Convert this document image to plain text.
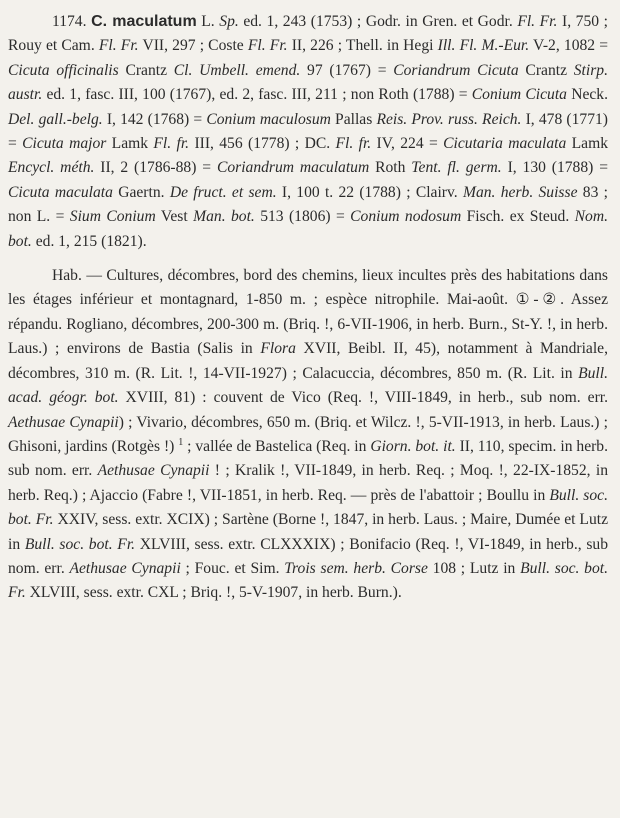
1174. C. maculatum L. Sp. ed. 1, 243 (1753) ; Godr. in Gren. et Godr. Fl. Fr. I, 750 ; Rouy et Cam. Fl. Fr. VII, 297 ; Coste Fl. Fr. II, 226 ; Thell. in Hegi Ill. Fl. M.-Eur. V-2, 1082 = Cicuta officinalis Crantz Cl. Umbell. emend. 97 (1767) = Coriandrum Cicuta Crantz Stirp. austr. ed. 1, fasc. III, 100 (1767), ed. 2, fasc. III, 211 ; non Roth (1788) = Conium Cicuta Neck. Del. gall.-belg. I, 142 (1768) = Conium maculosum Pallas Reis. Prov. russ. Reich. I, 478 (1771) = Cicuta major Lamk Fl. fr. III, 456 (1778) ; DC. Fl. fr. IV, 224 = Cicutaria maculata Lamk Encycl. méth. II, 2 (1786-88) = Coriandrum maculatum Roth Tent. fl. germ. I, 130 (1788) = Cicuta maculata Gaertn. De fruct. et sem. I, 100 t. 22 (1788) ; Clairv. Man. herb. Suisse 83 ; non L. = Sium Conium Vest Man. bot. 513 (1806) = Conium nodosum Fisch. ex Steud. Nom. bot. ed. 1, 215 (1821).

Hab. — Cultures, décombres, bord des chemins, lieux incultes près des habitations dans les étages inférieur et montagnard, 1-850 m. ; espèce nitrophile. Mai-août. ①-②. Assez répandu. Rogliano, décombres, 200-300 m. (Briq. !, 6-VII-1906, in herb. Burn., St-Y. !, in herb. Laus.) ; environs de Bastia (Salis in Flora XVII, Beibl. II, 45), notamment à Mandriale, décombres, 310 m. (R. Lit. !, 14-VII-1927) ; Calacuccia, décombres, 850 m. (R. Lit. in Bull. acad. géogr. bot. XVIII, 81) : couvent de Vico (Req. !, VIII-1849, in herb., sub nom. err. Aethusae Cynapii) ; Vivario, décombres, 650 m. (Briq. et Wilcz. !, 5-VII-1913, in herb. Laus.) ; Ghisoni, jardins (Rotgès !) $^1$ ; vallée de Bastelica (Req. in Giorn. bot. it. II, 110, specim. in herb. sub nom. err. Aethusae Cynapii ! ; Kralik !, VII-1849, in herb. Req. ; Moq. !, 22-IX-1852, in herb. Req.) ; Ajaccio (Fabre !, VII-1851, in herb. Req. — près de l'abattoir ; Boullu in Bull. soc. bot. Fr. XXIV, sess. extr. XCIX) ; Sartène (Borne !, 1847, in herb. Laus. ; Maire, Dumée et Lutz in Bull. soc. bot. Fr. XLVIII, sess. extr. CLXXXIX) ; Bonifacio (Req. !, VI-1849, in herb., sub nom. err. Aethusae Cynapii ; Fouc. et Sim. Trois sem. herb. Corse 108 ; Lutz in Bull. soc. bot. Fr. XLVIII, sess. extr. CXL ; Briq. !, 5-V-1907, in herb. Burn.).
